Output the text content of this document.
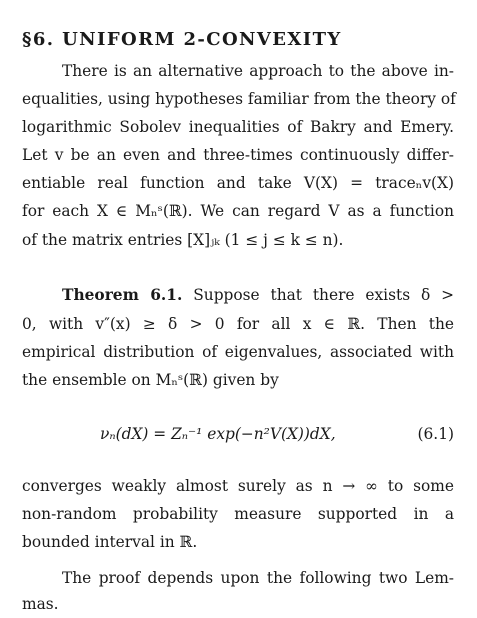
§6. UNIFORM 2-CONVEXITY
There is an alternative approach to the above in-
equalities, using hypotheses familiar from the theory of
logarithmic Sobolev inequalities of Bakry and Emery.
Let v be an even and three-times continuously differ-
entiable real function and take V(X) = traceₙv(X)
for each X ∈ Mₙˢ(ℝ). We can regard V as a function
of the matrix entries [X]ⱼₖ (1 ≤ j ≤ k ≤ n).
Theorem 6.1. Suppose that there exists δ >
0, with v″(x) ≥ δ > 0 for all x ∈ ℝ. Then the
empirical distribution of eigenvalues, associated with
the ensemble on Mₙˢ(ℝ) given by
νₙ(dX) = Zₙ⁻¹ exp(−n²V(X))dX,	(6.1)
converges weakly almost surely as n → ∞ to some
non-random probability measure supported in a
bounded interval in ℝ.
The proof depends upon the following two Lem-
mas.
